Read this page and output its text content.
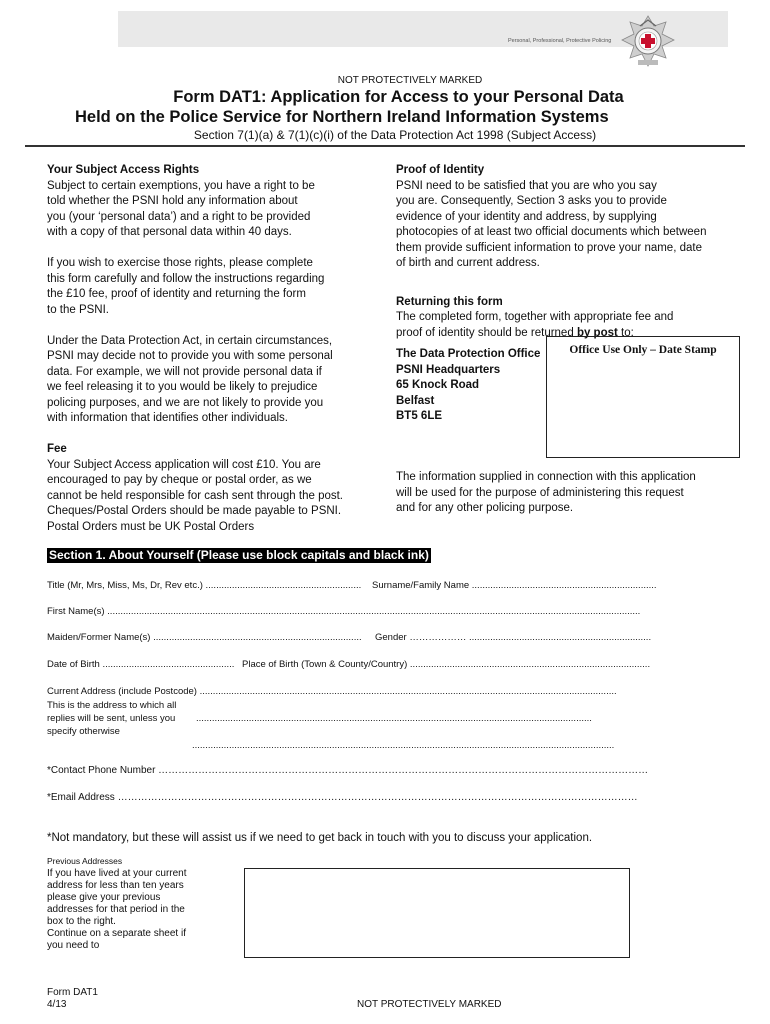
Personal, Professional, Protective Policing
NOT PROTECTIVELY MARKED
Form DAT1: Application for Access to your Personal Data
Held on the Police Service for Northern Ireland Information Systems
Section 7(1)(a) & 7(1)(c)(i) of the Data Protection Act 1998 (Subject Access)

Your Subject Access Rights

Subject to certain exemptions, you have a right to be

told whether the PSNI hold any information about

you (your ‘personal data’) and a right to be provided

with a copy of that personal data within 40 days.

If you wish to exercise those rights, please complete

this form carefully and follow the instructions regarding

the £10 fee, proof of identity and returning the form

to the PSNI.

Under the Data Protection Act, in certain circumstances,

PSNI may decide not to provide you with some personal

data. For example, we will not provide personal data if

we feel releasing it to you would be likely to prejudice

policing purposes, and we are not likely to provide you

with information that identifies other individuals.

Fee

Your Subject Access application will cost £10. You are

encouraged to pay by cheque or postal order, as we

cannot be held responsible for cash sent through the post.

Cheques/Postal Orders should be made payable to PSNI.

Postal Orders must be UK Postal Orders

Proof of Identity

PSNI need to be satisfied that you are who you say

you are. Consequently, Section 3 asks you to provide

evidence of your identity and address, by supplying

photocopies of at least two official documents which between

them provide sufficient information to prove your name, date

of birth and current address.

Returning this form

The completed form, together with appropriate fee and

proof of identity should be returned by post to:

The Data Protection Office

PSNI Headquarters

65 Knock Road

Belfast

BT5 6LE

Office Use Only – Date Stamp

The information supplied in connection with this application

will be used for the purpose of administering this request

and for any other policing purpose.

Section 1. About Yourself (Please use block capitals and black ink)
Title (Mr, Mrs, Miss, Ms, Dr, Rev etc.) ........................................................... Surname/Family Name ......................................................................
First Name(s) ..........................................................................................................................................................................................................
Maiden/Former Name(s) ............................................................................... Gender ……………… .....................................................................
Date of Birth .................................................. Place of Birth (Town & County/Country) ...........................................................................................
Current Address (include Postcode) ..............................................................................................................................................................
This is the address to which all
replies will be sent, unless you
specify otherwise
......................................................................................................................................................
................................................................................................................................................................
*Contact Phone Number …………………………………………………………………………………………………………………………………
*Email Address …………………………………………………………………………………………………………………………………………
*Not mandatory, but these will assist us if we need to get back in touch with you to discuss your application.
Previous Addresses
If you have lived at your current
address for less than ten years
please give your previous
addresses for that period in the
box to the right.
Continue on a separate sheet if
you need to
Form DAT1
4/13	NOT PROTECTIVELY MARKED
